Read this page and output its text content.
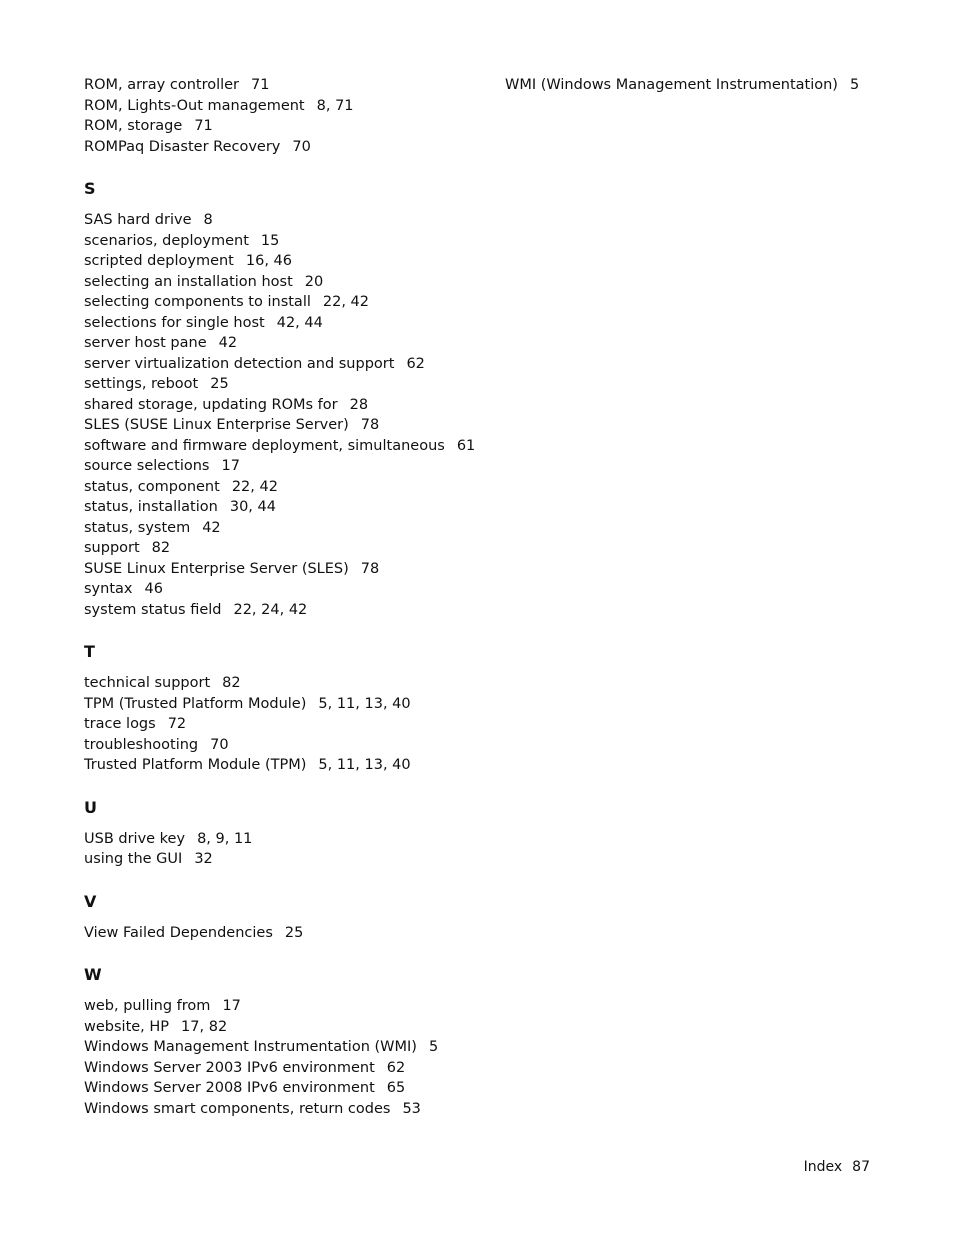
ROM, array controller 71
ROM, Lights-Out management 8, 71
ROM, storage 71
ROMPaq Disaster Recovery 70
S
SAS hard drive 8
scenarios, deployment 15
scripted deployment 16, 46
selecting an installation host 20
selecting components to install 22, 42
selections for single host 42, 44
server host pane 42
server virtualization detection and support 62
settings, reboot 25
shared storage, updating ROMs for 28
SLES (SUSE Linux Enterprise Server) 78
software and firmware deployment, simultaneous 61
source selections 17
status, component 22, 42
status, installation 30, 44
status, system 42
support 82
SUSE Linux Enterprise Server (SLES) 78
syntax 46
system status field 22, 24, 42
T
technical support 82
TPM (Trusted Platform Module) 5, 11, 13, 40
trace logs 72
troubleshooting 70
Trusted Platform Module (TPM) 5, 11, 13, 40
U
USB drive key 8, 9, 11
using the GUI 32
V
View Failed Dependencies 25
W
web, pulling from 17
website, HP 17, 82
Windows Management Instrumentation (WMI) 5
Windows Server 2003 IPv6 environment 62
Windows Server 2008 IPv6 environment 65
Windows smart components, return codes 53
WMI (Windows Management Instrumentation) 5
Index 87
